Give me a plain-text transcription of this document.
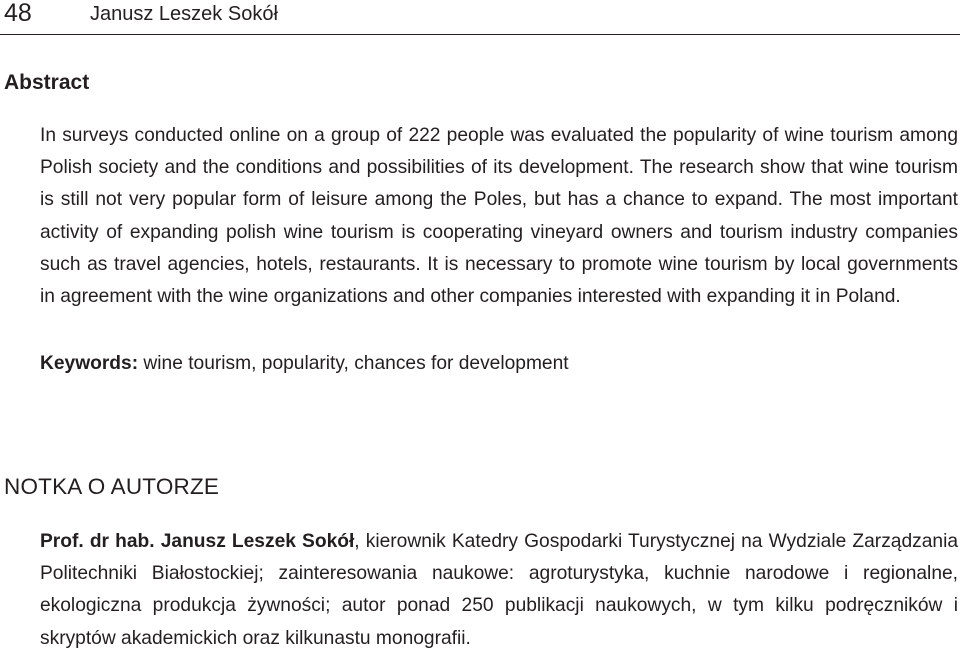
48	Janusz Leszek Sokół
Abstract

In surveys conducted online on a group of 222 people was evaluated the popularity of wine tourism among Polish society and the conditions and possibilities of its development. The research show that wine tourism is still not very popular form of leisure among the Poles, but has a chance to expand. The most important activity of expanding polish wine tourism is cooperating vineyard owners and tourism industry companies such as travel agencies, hotels, restaurants. It is necessary to promote wine tourism by local governments in agreement with the wine organizations and other companies interested with expanding it in Poland.

Keywords: wine tourism, popularity, chances for development

NOTKA O AUTORZE

Prof. dr hab. Janusz Leszek Sokół, kierownik Katedry Gospodarki Turystycznej na Wydziale Zarządzania Politechniki Białostockiej; zainteresowania naukowe: agroturystyka, kuchnie narodowe i regionalne, ekologiczna produkcja żywności; autor ponad 250 publikacji naukowych, w tym kilku podręczników i skryptów akademickich oraz kilkunastu monografii.
